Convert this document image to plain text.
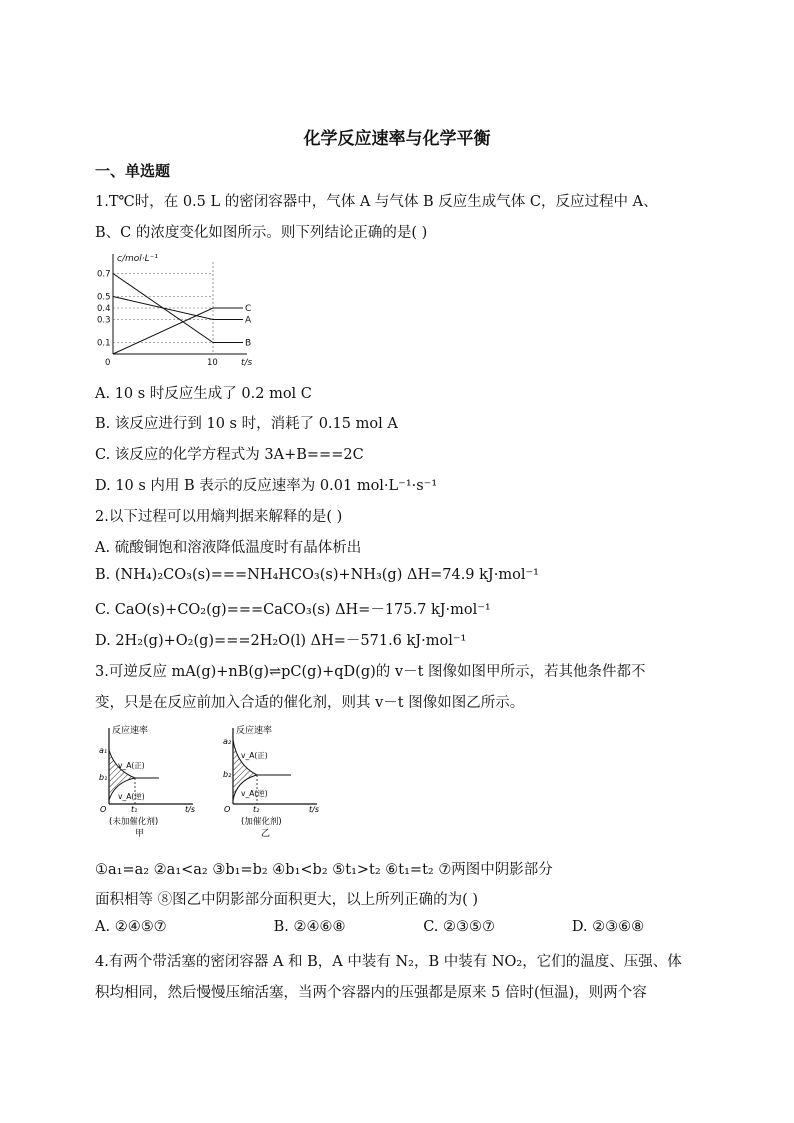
化学反应速率与化学平衡
一、单选题
1.T℃时，在 0.5 L 的密闭容器中，气体 A 与气体 B 反应生成气体 C，反应过程中 A、
B、C 的浓度变化如图所示。则下列结论正确的是( )
c/mol·L⁻¹
t/s
0.7
0.5
0.4
0.3
0.1
0	10
A
B
C
A. 10 s 时反应生成了 0.2 mol C
B. 该反应进行到 10 s 时，消耗了 0.15 mol A
C. 该反应的化学方程式为 3A+B===2C
D. 10 s 内用 B 表示的反应速率为 0.01 mol·L⁻¹·s⁻¹
2.以下过程可以用熵判据来解释的是( )
A. 硫酸铜饱和溶液降低温度时有晶体析出
B. (NH₄)₂CO₃(s)===NH₄HCO₃(s)+NH₃(g) ΔH=74.9 kJ·mol⁻¹
C. CaO(s)+CO₂(g)===CaCO₃(s) ΔH=－175.7 kJ·mol⁻¹
D. 2H₂(g)+O₂(g)===2H₂O(l) ΔH=－571.6 kJ·mol⁻¹
3.可逆反应 mA(g)+nB(g)⇌pC(g)+qD(g)的 v－t 图像如图甲所示，若其他条件都不
变，只是在反应前加入合适的催化剂，则其 v－t 图像如图乙所示。
反应速率
a₁
b₁
v_A(正)
v_A(逆)
O	t₁	t/s
(未加催化剂)
甲
反应速率
a₂
b₂
v_A(正)
v_A(逆)
O	t₂	t/s
(加催化剂)
乙
①a₁=a₂ ②a₁<a₂ ③b₁=b₂ ④b₁<b₂ ⑤t₁>t₂ ⑥t₁=t₂ ⑦两图中阴影部分
面积相等 ⑧图乙中阴影部分面积更大，以上所列正确的为( )
A. ②④⑤⑦	B. ②④⑥⑧	C. ②③⑤⑦	D. ②③⑥⑧
4.有两个带活塞的密闭容器 A 和 B，A 中装有 N₂，B 中装有 NO₂，它们的温度、压强、体
积均相同，然后慢慢压缩活塞，当两个容器内的压强都是原来 5 倍时(恒温)，则两个容
